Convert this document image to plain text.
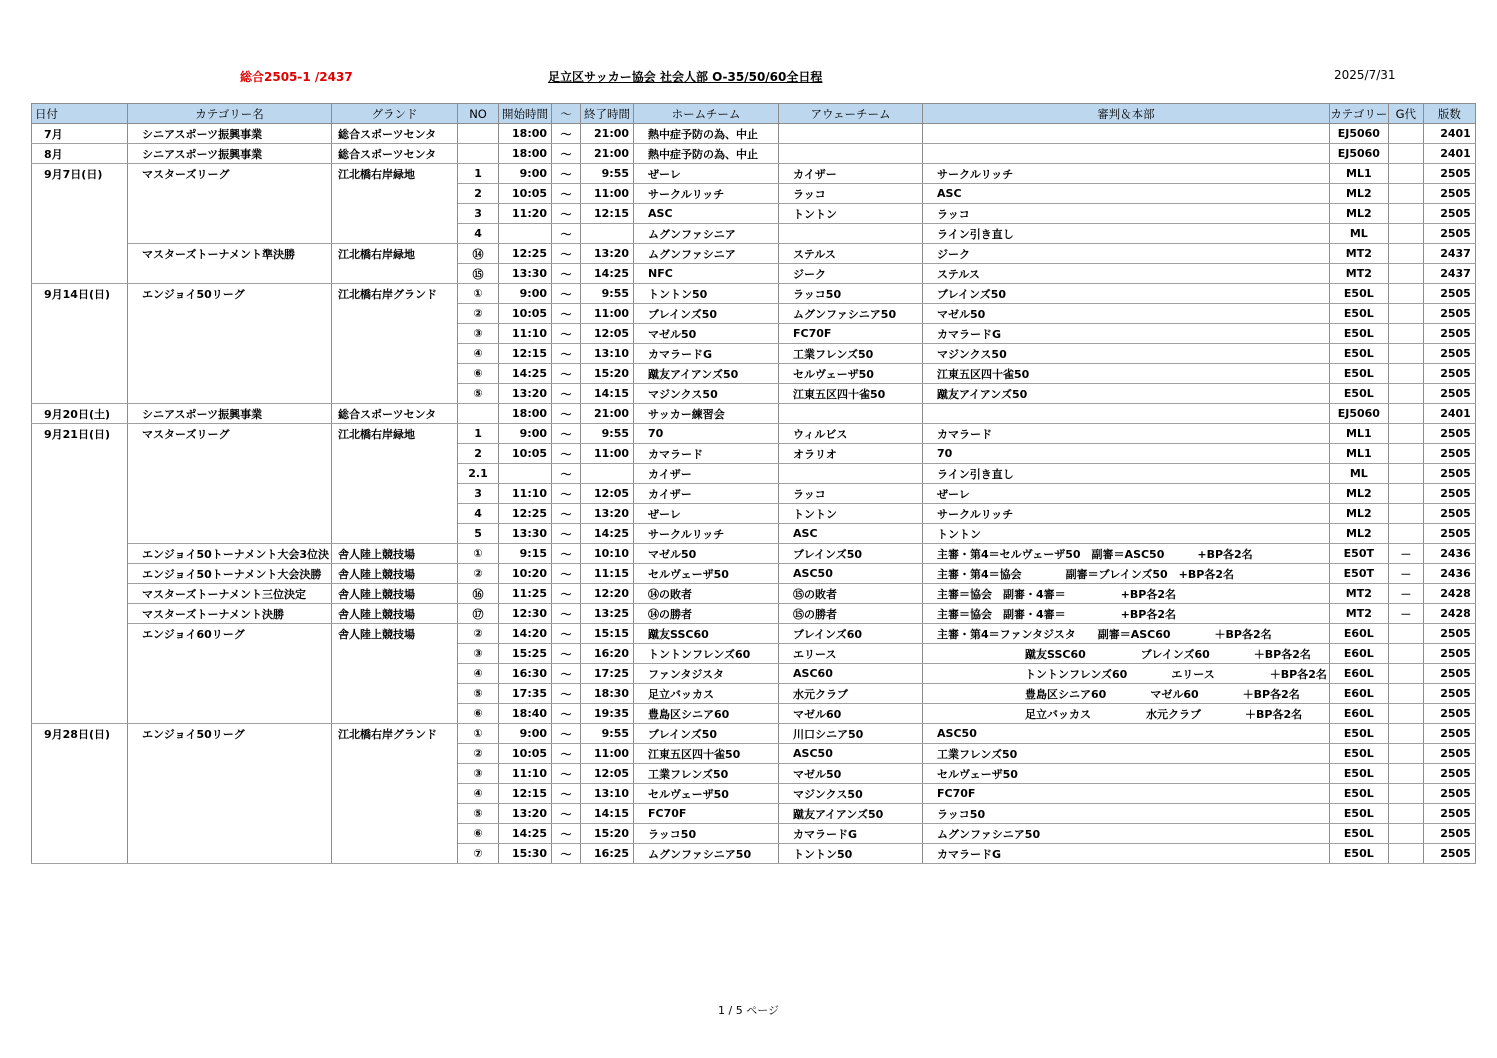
総合2505-1 /2437	足立区サッカー協会 社会人部 O-35/50/60全日程	2025/7/31
日付	カテゴリー名	グランド	NO	開始時間	～	終了時間	ホームチーム	アウェーチーム	審判＆本部	カテゴリー	G代	版数
7月	シニアスポーツ振興事業	総合スポーツセンタ		18:00	～	21:00	熱中症予防の為、中止			EJ5060		2401
8月	シニアスポーツ振興事業	総合スポーツセンタ		18:00	～	21:00	熱中症予防の為、中止			EJ5060		2401
9月7日(日)	マスターズリーグ	江北橋右岸緑地	1	9:00	～	9:55	ぜーレ	カイザー	サークルリッチ	ML1		2505
			2	10:05	～	11:00	サークルリッチ	ラッコ	ASC	ML2		2505
			3	11:20	～	12:15	ASC	トントン	ラッコ	ML2		2505
			4		～		ムグンファシニア		ライン引き直し	ML		2505
	マスターズトーナメント準決勝	江北橋右岸緑地	⑭	12:25	～	13:20	ムグンファシニア	ステルス	ジーク	MT2		2437
			⑮	13:30	～	14:25	NFC	ジーク	ステルス	MT2		2437
9月14日(日)	エンジョイ50リーグ	江北橋右岸グランド	①	9:00	～	9:55	トントン50	ラッコ50	ブレインズ50	E50L		2505
			②	10:05	～	11:00	ブレインズ50	ムグンファシニア50	マゼル50	E50L		2505
			③	11:10	～	12:05	マゼル50	FC70F	カマラードG	E50L		2505
			④	12:15	～	13:10	カマラードG	工業フレンズ50	マジンクス50	E50L		2505
			⑥	14:25	～	15:20	蹴友アイアンズ50	セルヴェーザ50	江東五区四十雀50	E50L		2505
			⑤	13:20	～	14:15	マジンクス50	江東五区四十雀50	蹴友アイアンズ50	E50L		2505
9月20日(土)	シニアスポーツ振興事業	総合スポーツセンタ		18:00	～	21:00	サッカー練習会			EJ5060		2401
9月21日(日)	マスターズリーグ	江北橋右岸緑地	1	9:00	～	9:55	70	ウィルビス	カマラード	ML1		2505
			2	10:05	～	11:00	カマラード	オラリオ	70	ML1		2505
			2.1		～		カイザー		ライン引き直し	ML		2505
			3	11:10	～	12:05	カイザー	ラッコ	ぜーレ	ML2		2505
			4	12:25	～	13:20	ぜーレ	トントン	サークルリッチ	ML2		2505
			5	13:30	～	14:25	サークルリッチ	ASC	トントン	ML2		2505
	エンジョイ50トーナメント大会3位決	舎人陸上競技場	①	9:15	～	10:10	マゼル50	ブレインズ50	主審・第4＝セルヴェーザ50　副審＝ASC50　　　+BP各2名	E50T	－	2436
	エンジョイ50トーナメント大会決勝	舎人陸上競技場	②	10:20	～	11:15	セルヴェーザ50	ASC50	主審・第4＝協会　　　　副審＝ブレインズ50　+BP各2名	E50T	－	2436
	マスターズトーナメント三位決定	舎人陸上競技場	⑯	11:25	～	12:20	⑭の敗者	⑮の敗者	主審＝協会　副審・4審＝　　　　　+BP各2名	MT2	－	2428
	マスターズトーナメント決勝	舎人陸上競技場	⑰	12:30	～	13:25	⑭の勝者	⑮の勝者	主審＝協会　副審・4審＝　　　　　+BP各2名	MT2	－	2428
	エンジョイ60リーグ	舎人陸上競技場	②	14:20	～	15:15	蹴友SSC60	ブレインズ60	主審・第4＝ファンタジスタ　　副審＝ASC60　　　　＋BP各2名	E60L		2505
			③	15:25	～	16:20	トントンフレンズ60	エリース	　　　　　　　　蹴友SSC60　　　　　ブレインズ60　　　　＋BP各2名	E60L		2505
			④	16:30	～	17:25	ファンタジスタ	ASC60	　　　　　　　　トントンフレンズ60　　　　エリース　　　　　＋BP各2名	E60L		2505
			⑤	17:35	～	18:30	足立バッカス	水元クラブ	　　　　　　　　豊島区シニア60　　　　マゼル60　　　　＋BP各2名	E60L		2505
			⑥	18:40	～	19:35	豊島区シニア60	マゼル60	　　　　　　　　足立バッカス　　　　　水元クラブ　　　　＋BP各2名	E60L		2505
9月28日(日)	エンジョイ50リーグ	江北橋右岸グランド	①	9:00	～	9:55	ブレインズ50	川口シニア50	ASC50	E50L		2505
			②	10:05	～	11:00	江東五区四十雀50	ASC50	工業フレンズ50	E50L		2505
			③	11:10	～	12:05	工業フレンズ50	マゼル50	セルヴェーザ50	E50L		2505
			④	12:15	～	13:10	セルヴェーザ50	マジンクス50	FC70F	E50L		2505
			⑤	13:20	～	14:15	FC70F	蹴友アイアンズ50	ラッコ50	E50L		2505
			⑥	14:25	～	15:20	ラッコ50	カマラードG	ムグンファシニア50	E50L		2505
			⑦	15:30	～	16:25	ムグンファシニア50	トントン50	カマラードG	E50L		2505
1 / 5 ページ
